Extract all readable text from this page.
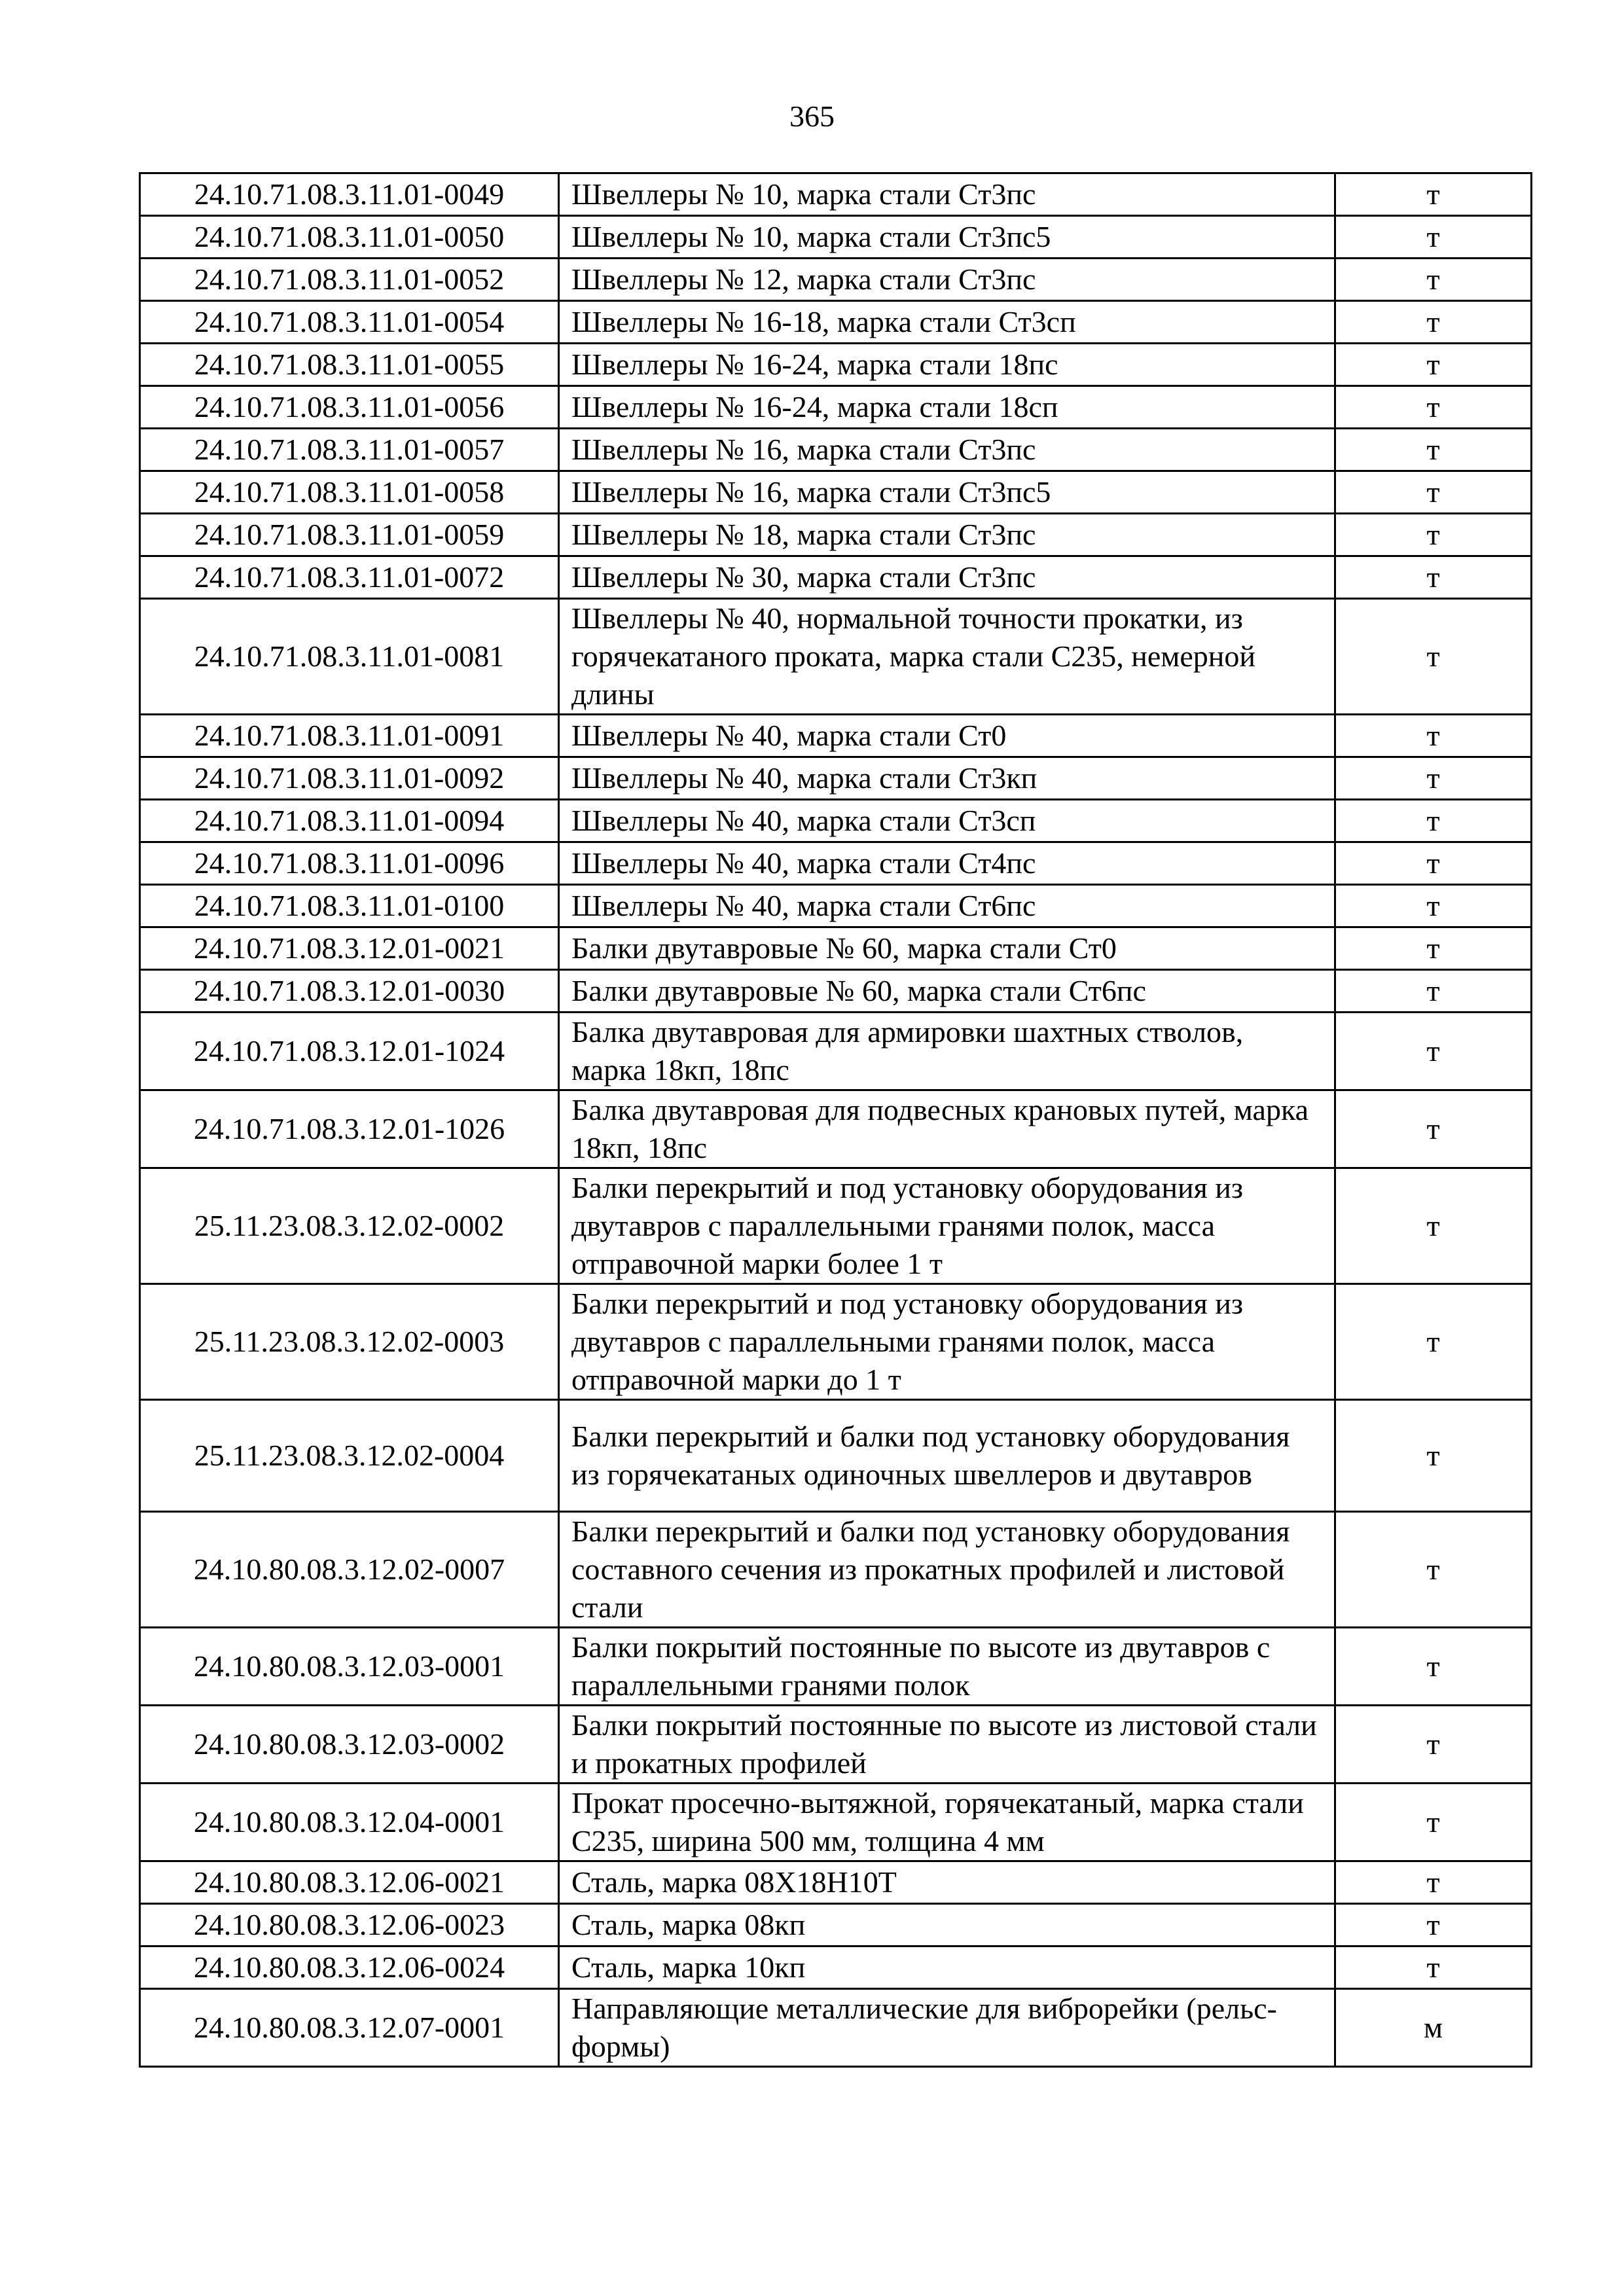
365
24.10.71.08.3.11.01-0049	Швеллеры № 10, марка стали Ст3пс	т
24.10.71.08.3.11.01-0050	Швеллеры № 10, марка стали Ст3пс5	т
24.10.71.08.3.11.01-0052	Швеллеры № 12, марка стали Ст3пс	т
24.10.71.08.3.11.01-0054	Швеллеры № 16-18, марка стали Ст3сп	т
24.10.71.08.3.11.01-0055	Швеллеры № 16-24, марка стали 18пс	т
24.10.71.08.3.11.01-0056	Швеллеры № 16-24, марка стали 18сп	т
24.10.71.08.3.11.01-0057	Швеллеры № 16, марка стали Ст3пс	т
24.10.71.08.3.11.01-0058	Швеллеры № 16, марка стали Ст3пс5	т
24.10.71.08.3.11.01-0059	Швеллеры № 18, марка стали Ст3пс	т
24.10.71.08.3.11.01-0072	Швеллеры № 30, марка стали Ст3пс	т
24.10.71.08.3.11.01-0081	Швеллеры № 40, нормальной точности прокатки, из горячекатаного проката, марка стали С235, немерной длины	т
24.10.71.08.3.11.01-0091	Швеллеры № 40, марка стали Ст0	т
24.10.71.08.3.11.01-0092	Швеллеры № 40, марка стали Ст3кп	т
24.10.71.08.3.11.01-0094	Швеллеры № 40, марка стали Ст3сп	т
24.10.71.08.3.11.01-0096	Швеллеры № 40, марка стали Ст4пс	т
24.10.71.08.3.11.01-0100	Швеллеры № 40, марка стали Ст6пс	т
24.10.71.08.3.12.01-0021	Балки двутавровые № 60, марка стали Ст0	т
24.10.71.08.3.12.01-0030	Балки двутавровые № 60, марка стали Ст6пс	т
24.10.71.08.3.12.01-1024	Балка двутавровая для армировки шахтных стволов, марка 18кп, 18пс	т
24.10.71.08.3.12.01-1026	Балка двутавровая для подвесных крановых путей, марка 18кп, 18пс	т
25.11.23.08.3.12.02-0002	Балки перекрытий и под установку оборудования из двутавров с параллельными гранями полок, масса отправочной марки более 1 т	т
25.11.23.08.3.12.02-0003	Балки перекрытий и под установку оборудования из двутавров с параллельными гранями полок, масса отправочной марки до 1 т	т
25.11.23.08.3.12.02-0004	Балки перекрытий и балки под установку оборудования из горячекатаных одиночных швеллеров и двутавров	т
24.10.80.08.3.12.02-0007	Балки перекрытий и балки под установку оборудования составного сечения из прокатных профилей и листовой стали	т
24.10.80.08.3.12.03-0001	Балки покрытий постоянные по высоте из двутавров с параллельными гранями полок	т
24.10.80.08.3.12.03-0002	Балки покрытий постоянные по высоте из листовой стали и прокатных профилей	т
24.10.80.08.3.12.04-0001	Прокат просечно-вытяжной, горячекатаный, марка стали С235, ширина 500 мм, толщина 4 мм	т
24.10.80.08.3.12.06-0021	Сталь, марка 08Х18Н10Т	т
24.10.80.08.3.12.06-0023	Сталь, марка 08кп	т
24.10.80.08.3.12.06-0024	Сталь, марка 10кп	т
24.10.80.08.3.12.07-0001	Направляющие металлические для виброрейки (рельс-формы)	м
